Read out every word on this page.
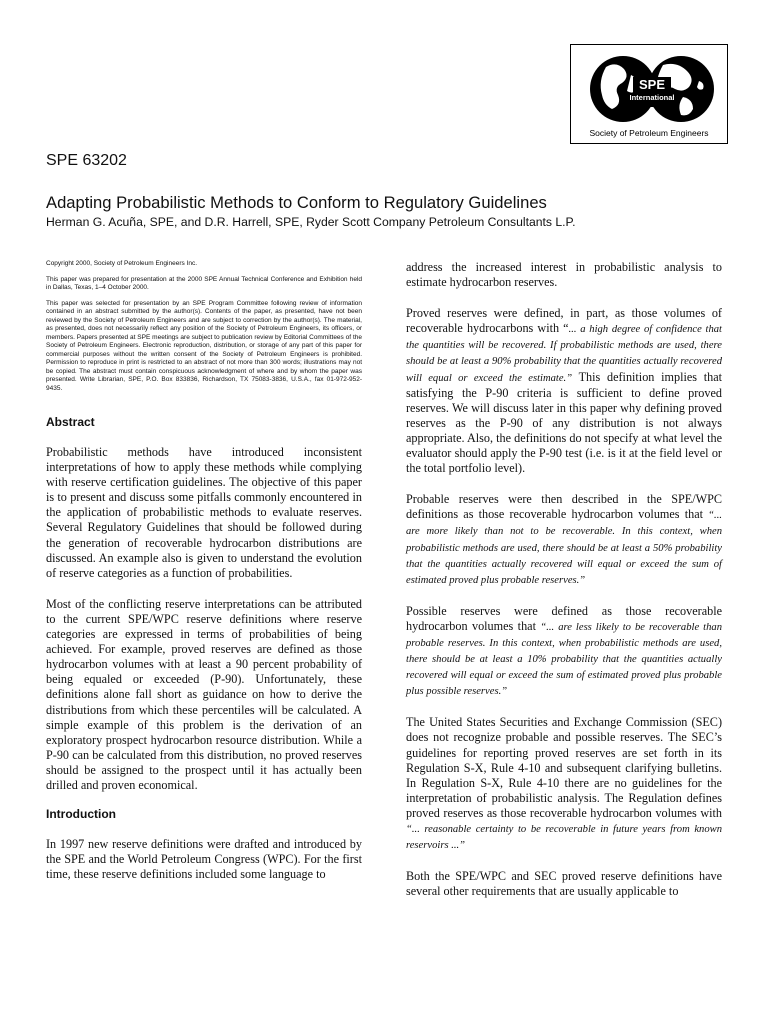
SPE
International
Society of Petroleum Engineers
SPE 63202
Adapting Probabilistic Methods to Conform to Regulatory Guidelines
Herman G. Acuña, SPE, and D.R. Harrell, SPE, Ryder Scott Company Petroleum Consultants L.P.

Copyright 2000, Society of Petroleum Engineers Inc.

This paper was prepared for presentation at the 2000 SPE Annual Technical Conference and Exhibition held in Dallas, Texas, 1–4 October 2000.

This paper was selected for presentation by an SPE Program Committee following review of information contained in an abstract submitted by the author(s). Contents of the paper, as presented, have not been reviewed by the Society of Petroleum Engineers and are subject to correction by the author(s). The material, as presented, does not necessarily reflect any position of the Society of Petroleum Engineers, its officers, or members. Papers presented at SPE meetings are subject to publication review by Editorial Committees of the Society of Petroleum Engineers. Electronic reproduction, distribution, or storage of any part of this paper for commercial purposes without the written consent of the Society of Petroleum Engineers is prohibited. Permission to reproduce in print is restricted to an abstract of not more than 300 words; illustrations may not be copied. The abstract must contain conspicuous acknowledgment of where and by whom the paper was presented. Write Librarian, SPE, P.O. Box 833836, Richardson, TX 75083-3836, U.S.A., fax 01-972-952-9435.

Abstract

Probabilistic methods have introduced inconsistent interpretations of how to apply these methods while complying with reserve certification guidelines. The objective of this paper is to present and discuss some pitfalls commonly encountered in the application of probabilistic methods to evaluate reserves. Several Regulatory Guidelines that should be followed during the generation of recoverable hydrocarbon distributions are discussed. An example also is given to understand the evolution of reserve categories as a function of probabilities.

Most of the conflicting reserve interpretations can be attributed to the current SPE/WPC reserve definitions where reserve categories are expressed in terms of probabilities of being achieved. For example, proved reserves are defined as those hydrocarbon volumes with at least a 90 percent probability of being equaled or exceeded (P-90). Unfortunately, these definitions alone fall short as guidance on how to derive the distributions from which these percentiles will be calculated. A simple example of this problem is the derivation of an exploratory prospect hydrocarbon resource distribution. While a P-90 can be calculated from this distribution, no proved reserves should be assigned to the prospect until it has actually been drilled and proven economical.

Introduction

In 1997 new reserve definitions were drafted and introduced by the SPE and the World Petroleum Congress (WPC). For the first time, these reserve definitions included some language to

address the increased interest in probabilistic analysis to estimate hydrocarbon reserves.

Proved reserves were defined, in part, as those volumes of recoverable hydrocarbons with “... a high degree of confidence that the quantities will be recovered. If probabilistic methods are used, there should be at least a 90% probability that the quantities actually recovered will equal or exceed the estimate.” This definition implies that satisfying the P-90 criteria is sufficient to define proved reserves. We will discuss later in this paper why defining proved reserves as the P-90 of any distribution is not always appropriate. Also, the definitions do not specify at what level the evaluator should apply the P-90 test (i.e. is it at the field level or the total portfolio level).

Probable reserves were then described in the SPE/WPC definitions as those recoverable hydrocarbon volumes that “... are more likely than not to be recoverable. In this context, when probabilistic methods are used, there should be at least a 50% probability that the quantities actually recovered will equal or exceed the sum of estimated proved plus probable reserves.”

Possible reserves were defined as those recoverable hydrocarbon volumes that “... are less likely to be recoverable than probable reserves. In this context, when probabilistic methods are used, there should be at least a 10% probability that the quantities actually recovered will equal or exceed the sum of estimated proved plus probable plus possible reserves.”

The United States Securities and Exchange Commission (SEC) does not recognize probable and possible reserves. The SEC’s guidelines for reporting proved reserves are set forth in its Regulation S-X, Rule 4-10 and subsequent clarifying bulletins. In Regulation S-X, Rule 4-10 there are no guidelines for the interpretation of probabilistic analysis. The Regulation defines proved reserves as those recoverable hydrocarbon volumes with “... reasonable certainty to be recoverable in future years from known reservoirs ...”

Both the SPE/WPC and SEC proved reserve definitions have several other requirements that are usually applicable to
